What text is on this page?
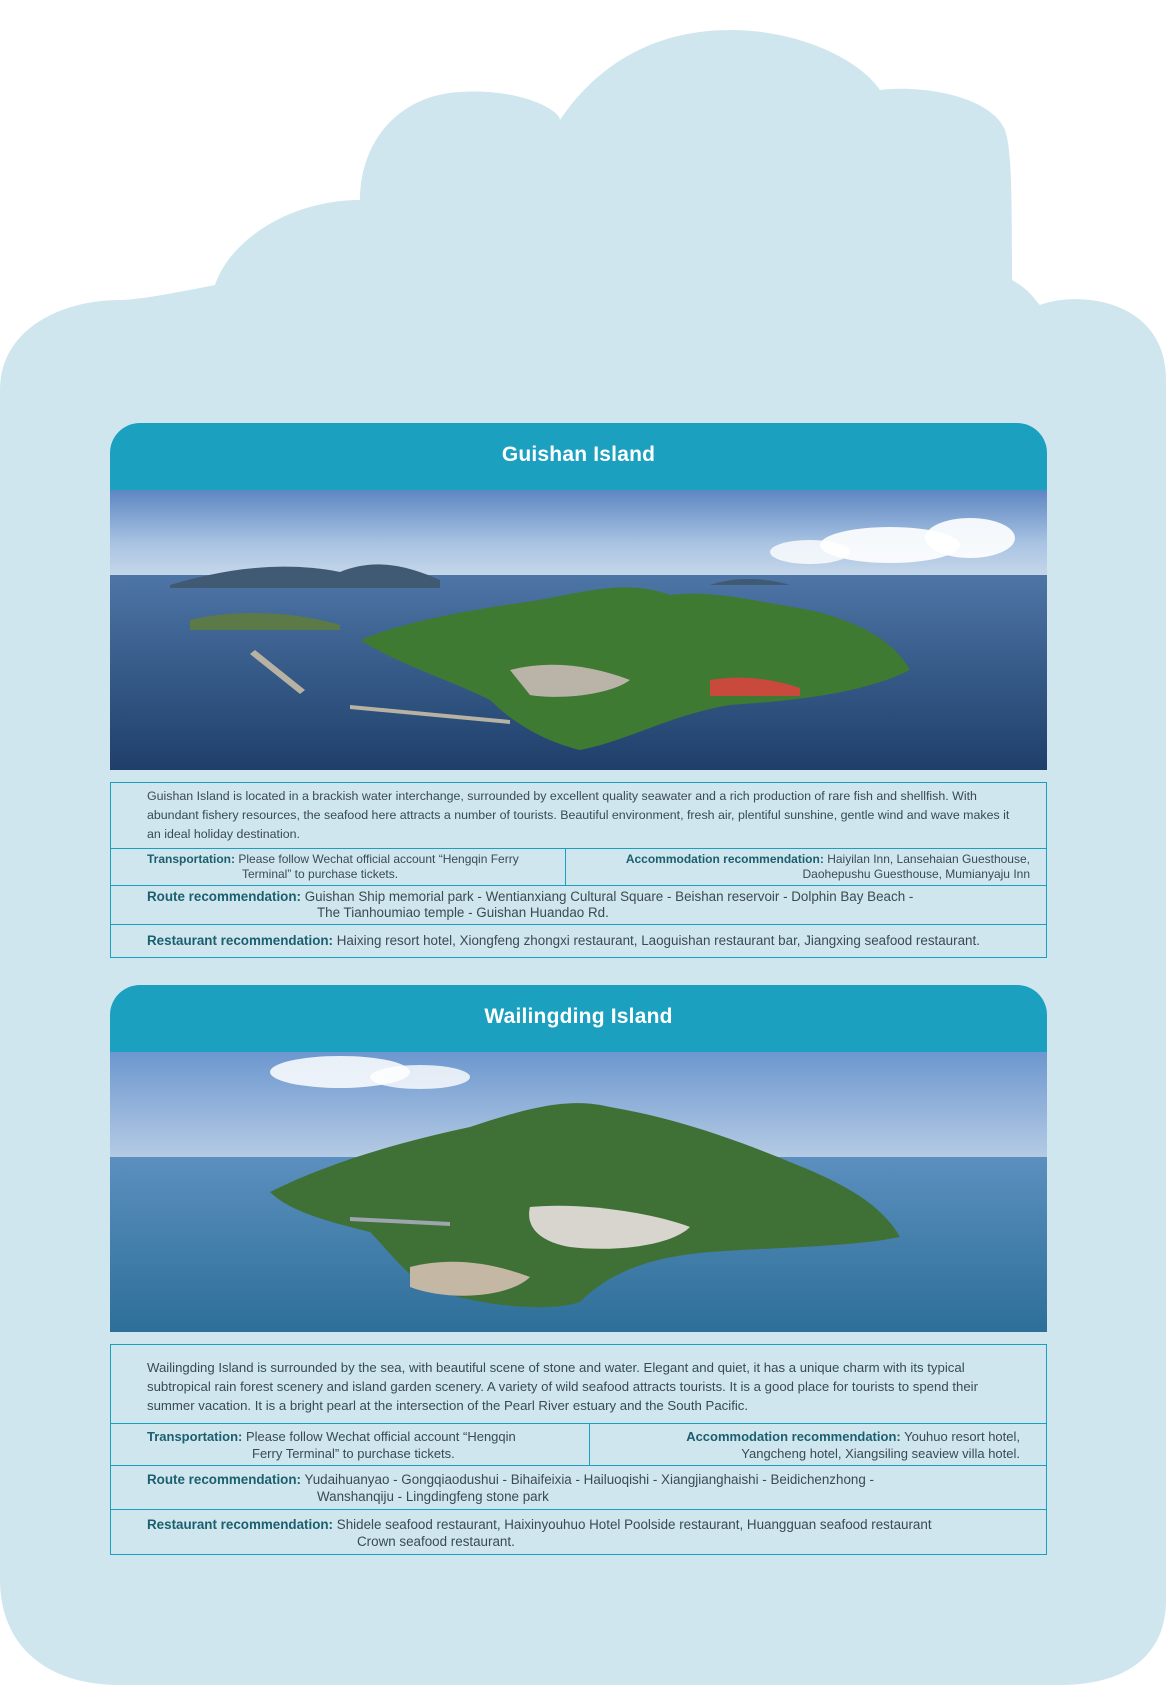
Guishan Island
Guishan Island is located in a brackish water interchange, surrounded by excellent quality seawater and a rich production of rare fish and shellfish. With abundant fishery resources, the seafood here attracts a number of tourists. Beautiful environment, fresh air, plentiful sunshine, gentle wind and wave makes it an ideal holiday destination.
Transportation: Please follow Wechat official account “Hengqin Ferry
Terminal” to purchase tickets.
Accommodation recommendation: Haiyilan Inn, Lansehaian Guesthouse,
Daohepushu Guesthouse, Mumianyaju Inn
Route recommendation: Guishan Ship memorial park - Wentianxiang Cultural Square - Beishan reservoir - Dolphin Bay Beach -
The Tianhoumiao temple - Guishan Huandao Rd.
Restaurant recommendation: Haixing resort hotel, Xiongfeng zhongxi restaurant, Laoguishan restaurant bar, Jiangxing seafood restaurant.
Wailingding Island
Wailingding Island is surrounded by the sea, with beautiful scene of stone and water. Elegant and quiet, it has a unique charm with its typical subtropical rain forest scenery and island garden scenery. A variety of wild seafood attracts tourists. It is a good place for tourists to spend their summer vacation. It is a bright pearl at the intersection of the Pearl River estuary and the South Pacific.
Transportation: Please follow Wechat official account “Hengqin
Ferry Terminal” to purchase tickets.
Accommodation recommendation: Youhuo resort hotel,
Yangcheng hotel, Xiangsiling seaview villa hotel.
Route recommendation: Yudaihuanyao - Gongqiaodushui - Bihaifeixia - Hailuoqishi - Xiangjianghaishi - Beidichenzhong -
Wanshanqiju - Lingdingfeng stone park
Restaurant recommendation: Shidele seafood restaurant, Haixinyouhuo Hotel Poolside restaurant, Huangguan seafood restaurant
Crown seafood restaurant.
